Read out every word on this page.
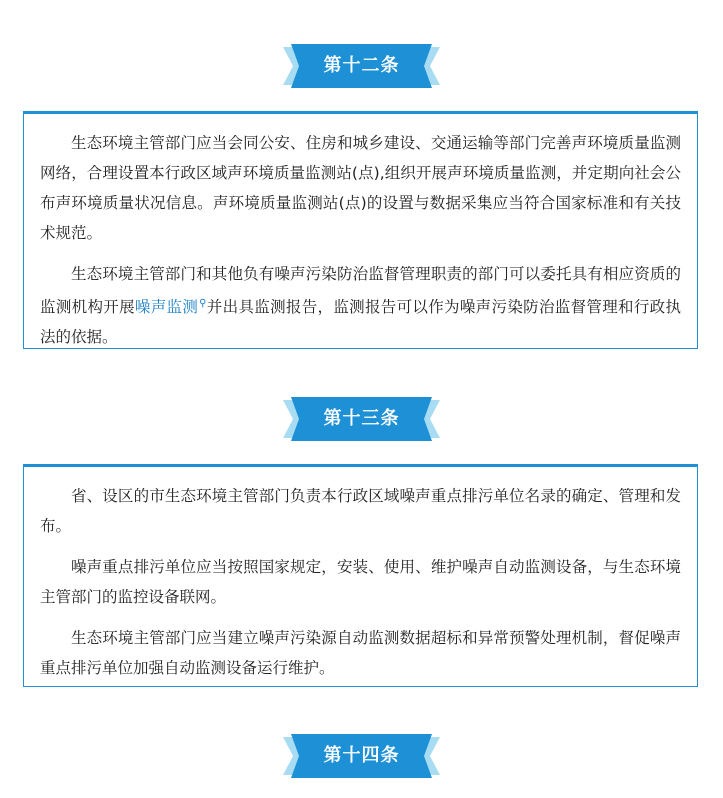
第十二条

生态环境主管部门应当会同公安、住房和城乡建设、交通运输等部门完善声环境质量监测网络，合理设置本行政区域声环境质量监测站(点),组织开展声环境质量监测，并定期向社会公布声环境质量状况信息。声环境质量监测站(点)的设置与数据采集应当符合国家标准和有关技术规范。

生态环境主管部门和其他负有噪声污染防治监督管理职责的部门可以委托具有相应资质的监测机构开展噪声监测⚲并出具监测报告，监测报告可以作为噪声污染防治监督管理和行政执法的依据。

第十三条

省、设区的市生态环境主管部门负责本行政区域噪声重点排污单位名录的确定、管理和发布。

噪声重点排污单位应当按照国家规定，安装、使用、维护噪声自动监测设备，与生态环境主管部门的监控设备联网。

生态环境主管部门应当建立噪声污染源自动监测数据超标和异常预警处理机制，督促噪声重点排污单位加强自动监测设备运行维护。

第十四条
